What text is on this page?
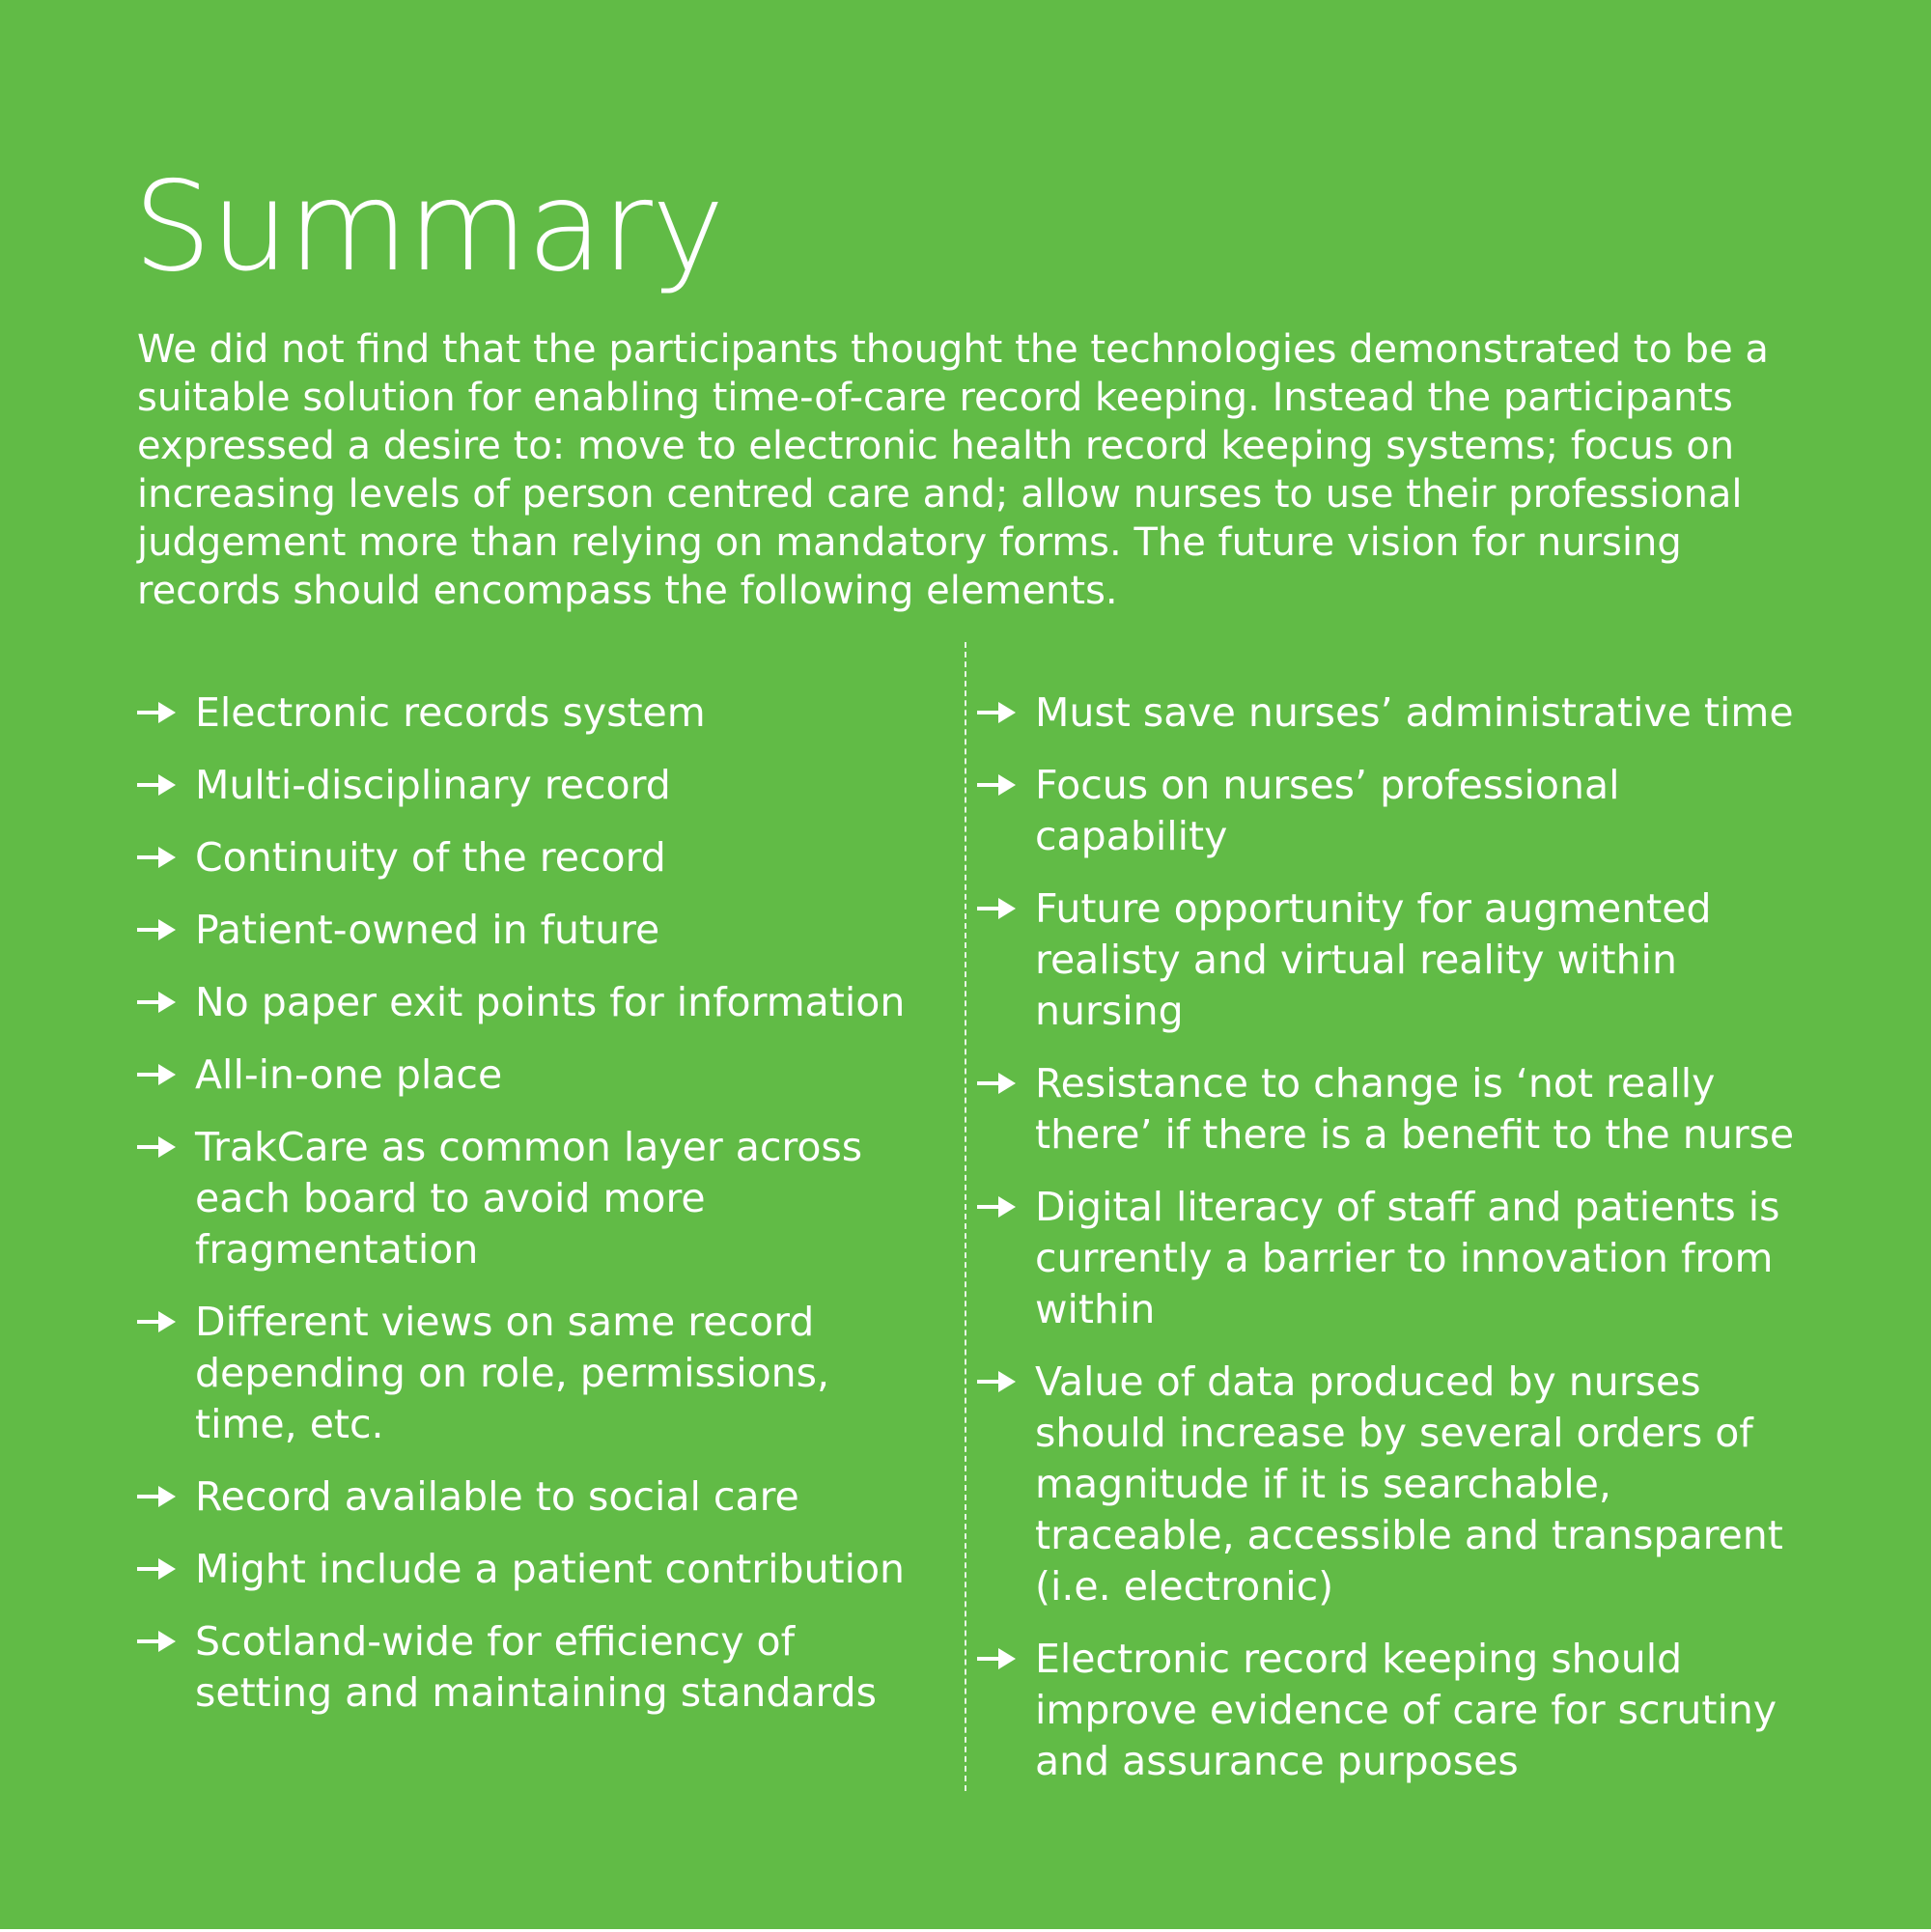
Summary

We did not find that the participants thought the technologies demonstrated to be a suitable solution for enabling time-of-care record keeping. Instead the participants expressed a desire to: move to electronic health record keeping systems; focus on increasing levels of person centred care and; allow nurses to use their professional judgement more than relying on mandatory forms. The future vision for nursing records should encompass the following elements.

Electronic records system
Multi-disciplinary record
Continuity of the record
Patient-owned in future
No paper exit points for information
All-in-one place
TrakCare as common layer across each board to avoid more fragmentation
Different views on same record depending on role, permissions, time, etc.
Record available to social care
Might include a patient contribution
Scotland-wide for efficiency of setting and maintaining standards
Must save nurses’ administrative time
Focus on nurses’ professional capability
Future opportunity for augmented realisty and virtual reality within nursing
Resistance to change is ‘not really there’ if there is a benefit to the nurse
Digital literacy of staff and patients is currently a barrier to innovation from within
Value of data produced by nurses should increase by several orders of magnitude if it is searchable, traceable, accessible and transparent (i.e. electronic)
Electronic record keeping should improve evidence of care for scrutiny and assurance purposes
